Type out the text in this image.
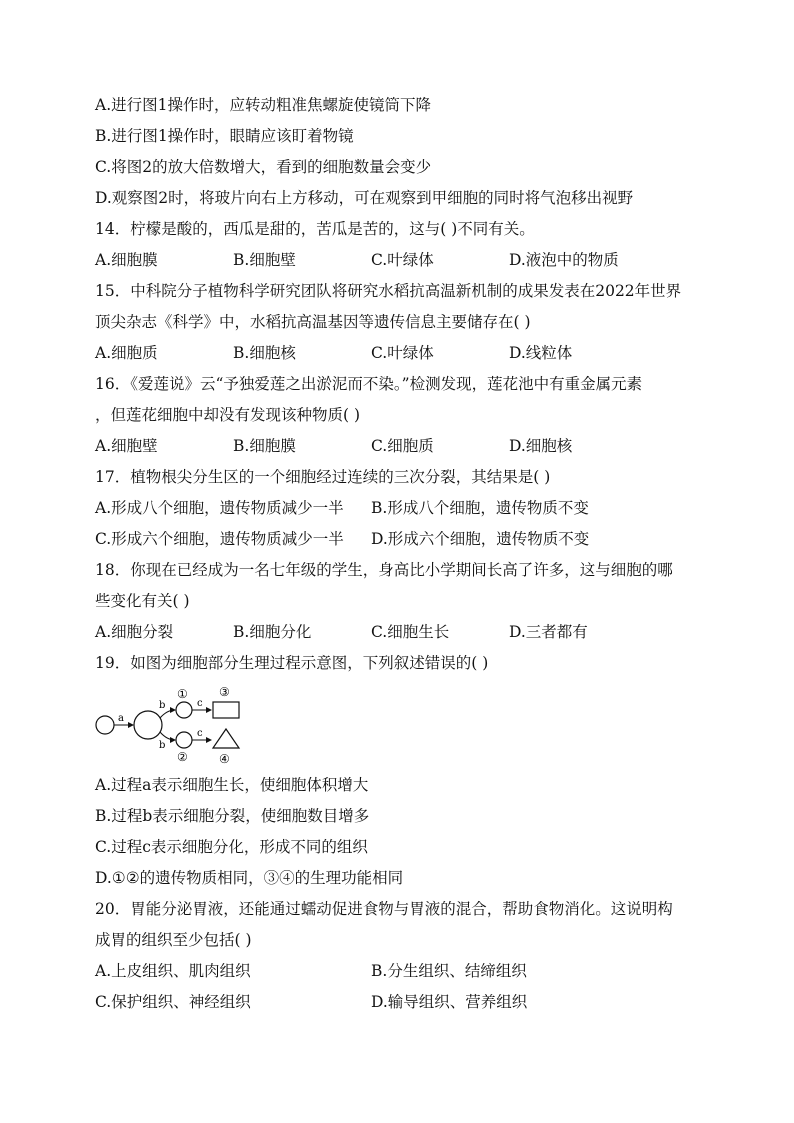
A.进行图1操作时，应转动粗准焦螺旋使镜筒下降
B.进行图1操作时，眼睛应该盯着物镜
C.将图2的放大倍数增大，看到的细胞数量会变少
D.观察图2时，将玻片向右上方移动，可在观察到甲细胞的同时将气泡移出视野
14．柠檬是酸的，西瓜是甜的，苦瓜是苦的，这与( )不同有关。
A.细胞膜	B.细胞壁	C.叶绿体	D.液泡中的物质
15．中科院分子植物科学研究团队将研究水稻抗高温新机制的成果发表在2022年世界
顶尖杂志《科学》中，水稻抗高温基因等遗传信息主要储存在( )
A.细胞质	B.细胞核	C.叶绿体	D.线粒体
16．《爱莲说》云“予独爱莲之出淤泥而不染。”检测发现，莲花池中有重金属元素
，但莲花细胞中却没有发现该种物质( )
A.细胞壁	B.细胞膜	C.细胞质	D.细胞核
17．植物根尖分生区的一个细胞经过连续的三次分裂，其结果是( )
A.形成八个细胞，遗传物质减少一半 B.形成八个细胞，遗传物质不变
C.形成六个细胞，遗传物质减少一半 D.形成六个细胞，遗传物质不变
18．你现在已经成为一名七年级的学生，身高比小学期间长高了许多，这与细胞的哪
些变化有关( )
A.细胞分裂	B.细胞分化	C.细胞生长	D.三者都有
19．如图为细胞部分生理过程示意图，下列叙述错误的( )
a
b
b
①
②
c
c
③
④
A.过程a表示细胞生长，使细胞体积增大
B.过程b表示细胞分裂，使细胞数目增多
C.过程c表示细胞分化，形成不同的组织
D.①②的遗传物质相同，③④的生理功能相同
20．胃能分泌胃液，还能通过蠕动促进食物与胃液的混合，帮助食物消化。这说明构
成胃的组织至少包括( )
A.上皮组织、肌肉组织	B.分生组织、结缔组织
C.保护组织、神经组织	D.输导组织、营养组织
